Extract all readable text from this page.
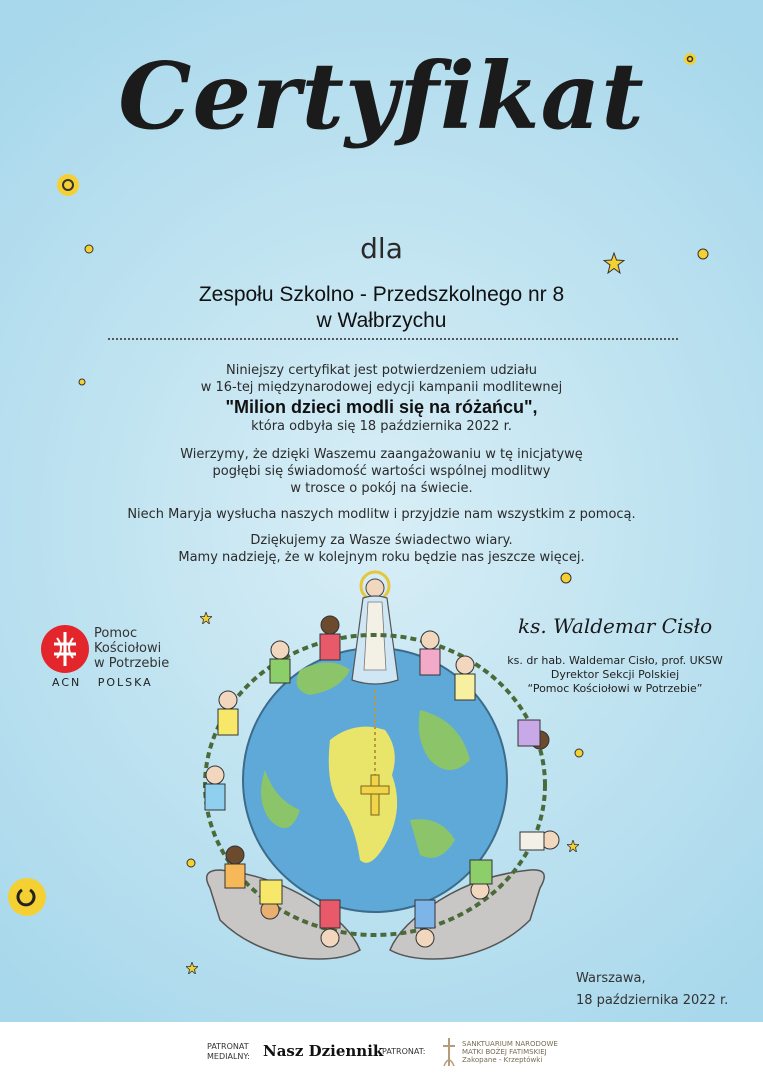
Certyfikat
dla
Zespołu Szkolno - Przedszkolnego nr 8
w Wałbrzychu
Niniejszy certyfikat jest potwierdzeniem udziału
w 16-tej międzynarodowej edycji kampanii modlitewnej
"Milion dzieci modli się na różańcu",
która odbyła się 18 października 2022 r.
Wierzymy, że dzięki Waszemu zaangażowaniu w tę inicjatywę
pogłębi się świadomość wartości wspólnej modlitwy
w trosce o pokój na świecie.
Niech Maryja wysłucha naszych modlitw i przyjdzie nam wszystkim z pomocą.
Dziękujemy za Wasze świadectwo wiary.
Mamy nadzieję, że w kolejnym roku będzie nas jeszcze więcej.
Pomoc
Kościołowi
w Potrzebie
ACN POLSKA
ks. Waldemar Cisło
ks. dr hab. Waldemar Cisło, prof. UKSW
Dyrektor Sekcji Polskiej
“Pomoc Kościołowi w Potrzebie”
Warszawa,
18 października 2022 r.
PATRONAT
MEDIALNY: Nasz Dziennik
PATRONAT:
SANKTUARIUM NARODOWE
MATKI BOŻEJ FATIMSKIEJ
Zakopane - Krzeptówki
